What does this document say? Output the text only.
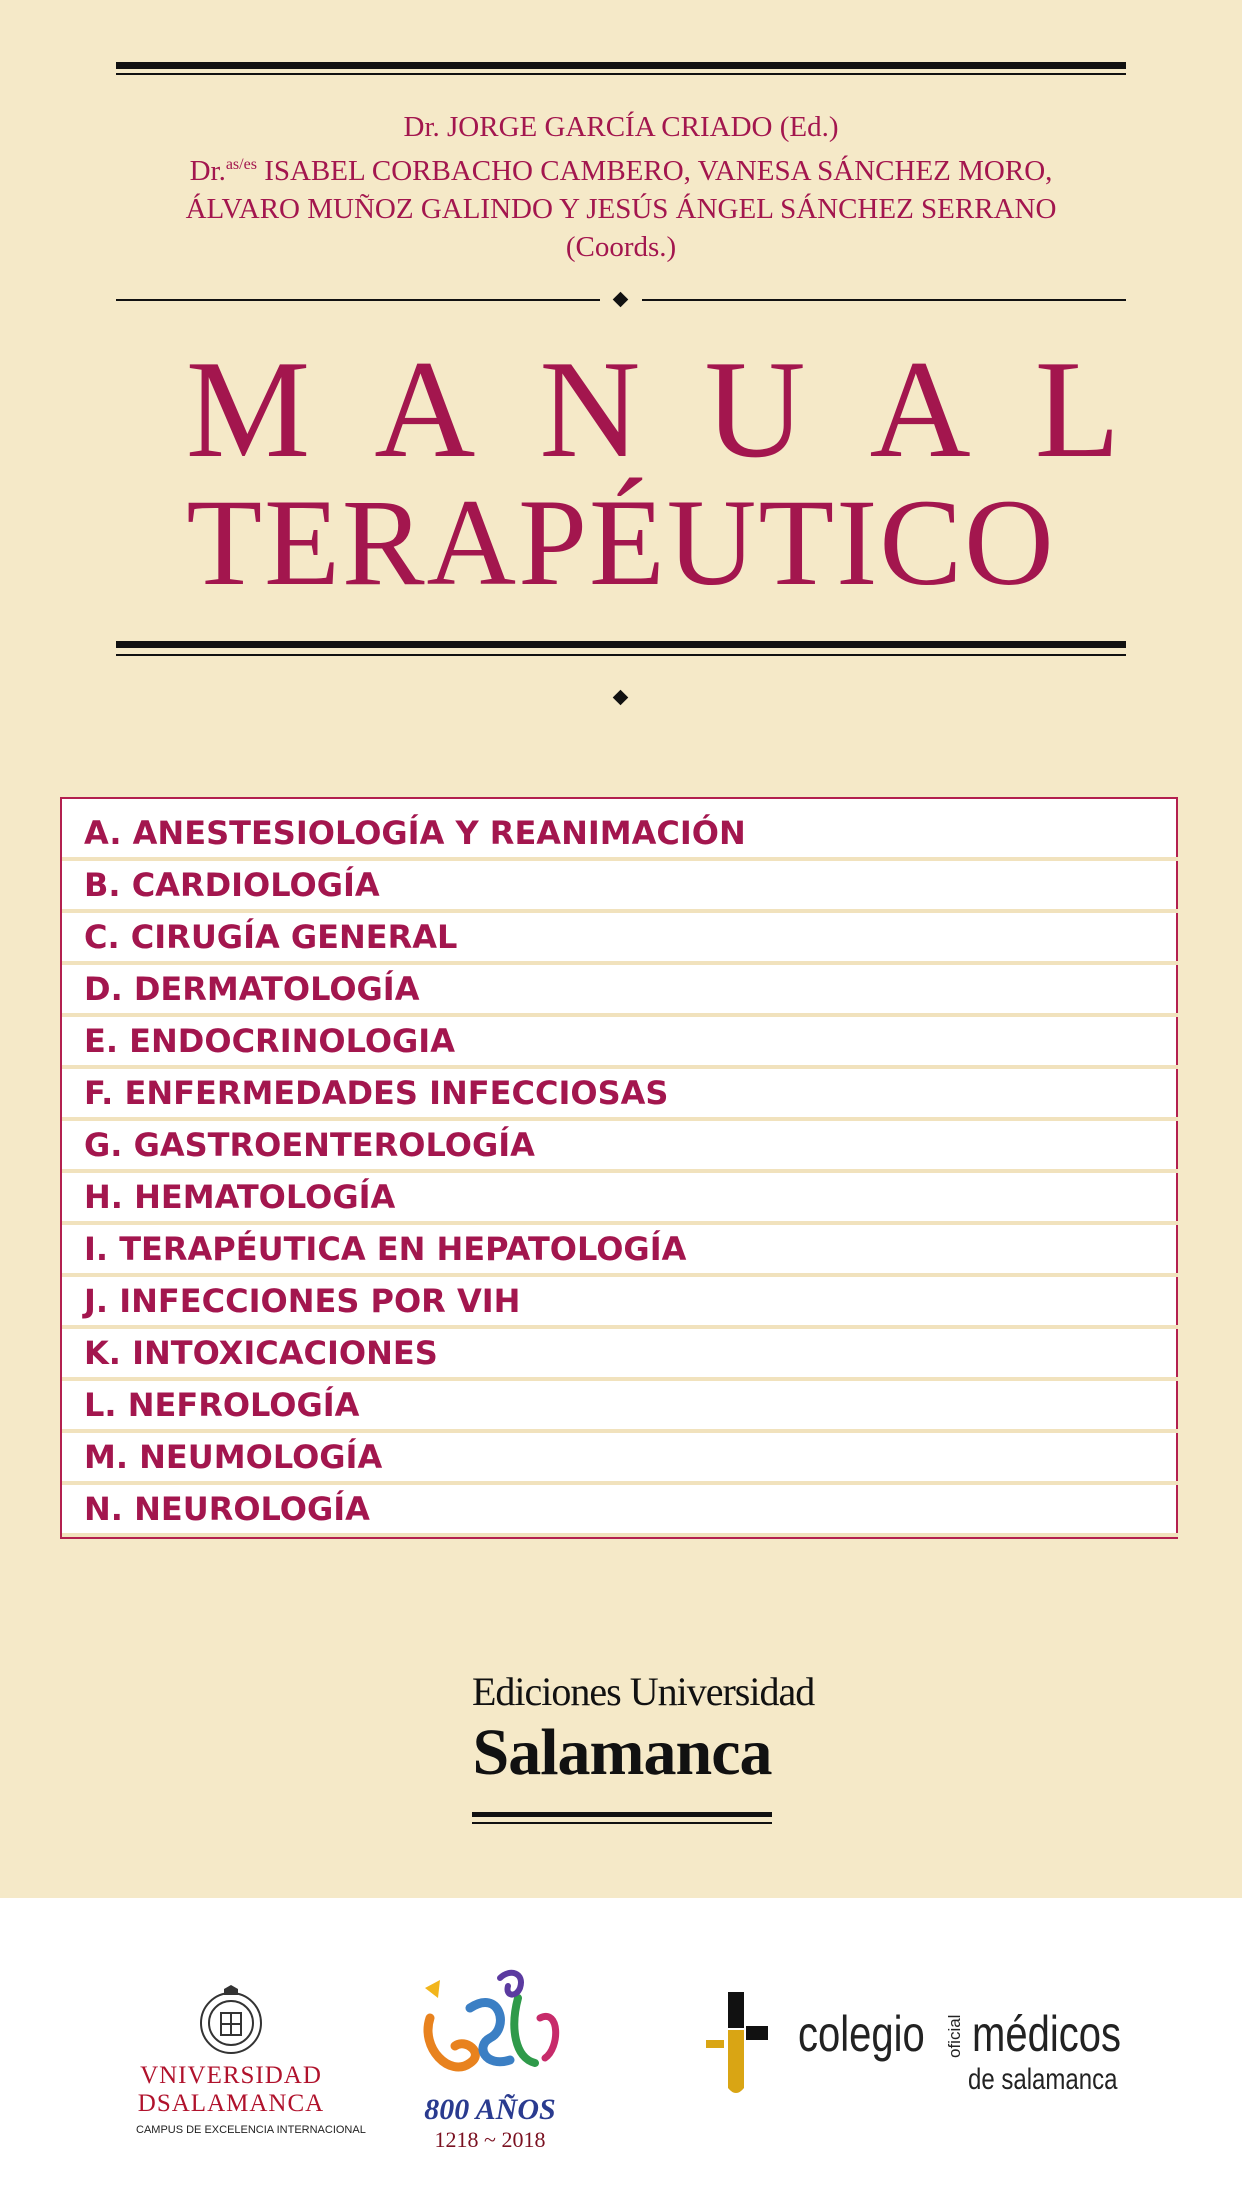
Dr. JORGE GARCÍA CRIADO (Ed.)
Dr.$^{as/es}$ ISABEL CORBACHO CAMBERO, VANESA SÁNCHEZ MORO,
ÁLVARO MUÑOZ GALINDO Y JESÚS ÁNGEL SÁNCHEZ SERRANO
(Coords.)
MANUAL
TERAPÉUTICO
A. ANESTESIOLOGÍA Y REANIMACIÓN
B. CARDIOLOGÍA
C. CIRUGÍA GENERAL
D. DERMATOLOGÍA
E. ENDOCRINOLOGIA
F. ENFERMEDADES INFECCIOSAS
G. GASTROENTEROLOGÍA
H. HEMATOLOGÍA
I. TERAPÉUTICA EN HEPATOLOGÍA
J. INFECCIONES POR VIH
K. INTOXICACIONES
L. NEFROLOGÍA
M. NEUMOLOGÍA
N. NEUROLOGÍA
Ediciones Universidad
Salamanca
VNIVERSIDAD
DSALAMANCA
CAMPUS DE EXCELENCIA INTERNACIONAL
800 AÑOS
1218 ~ 2018
colegio oficial médicos
de salamanca
